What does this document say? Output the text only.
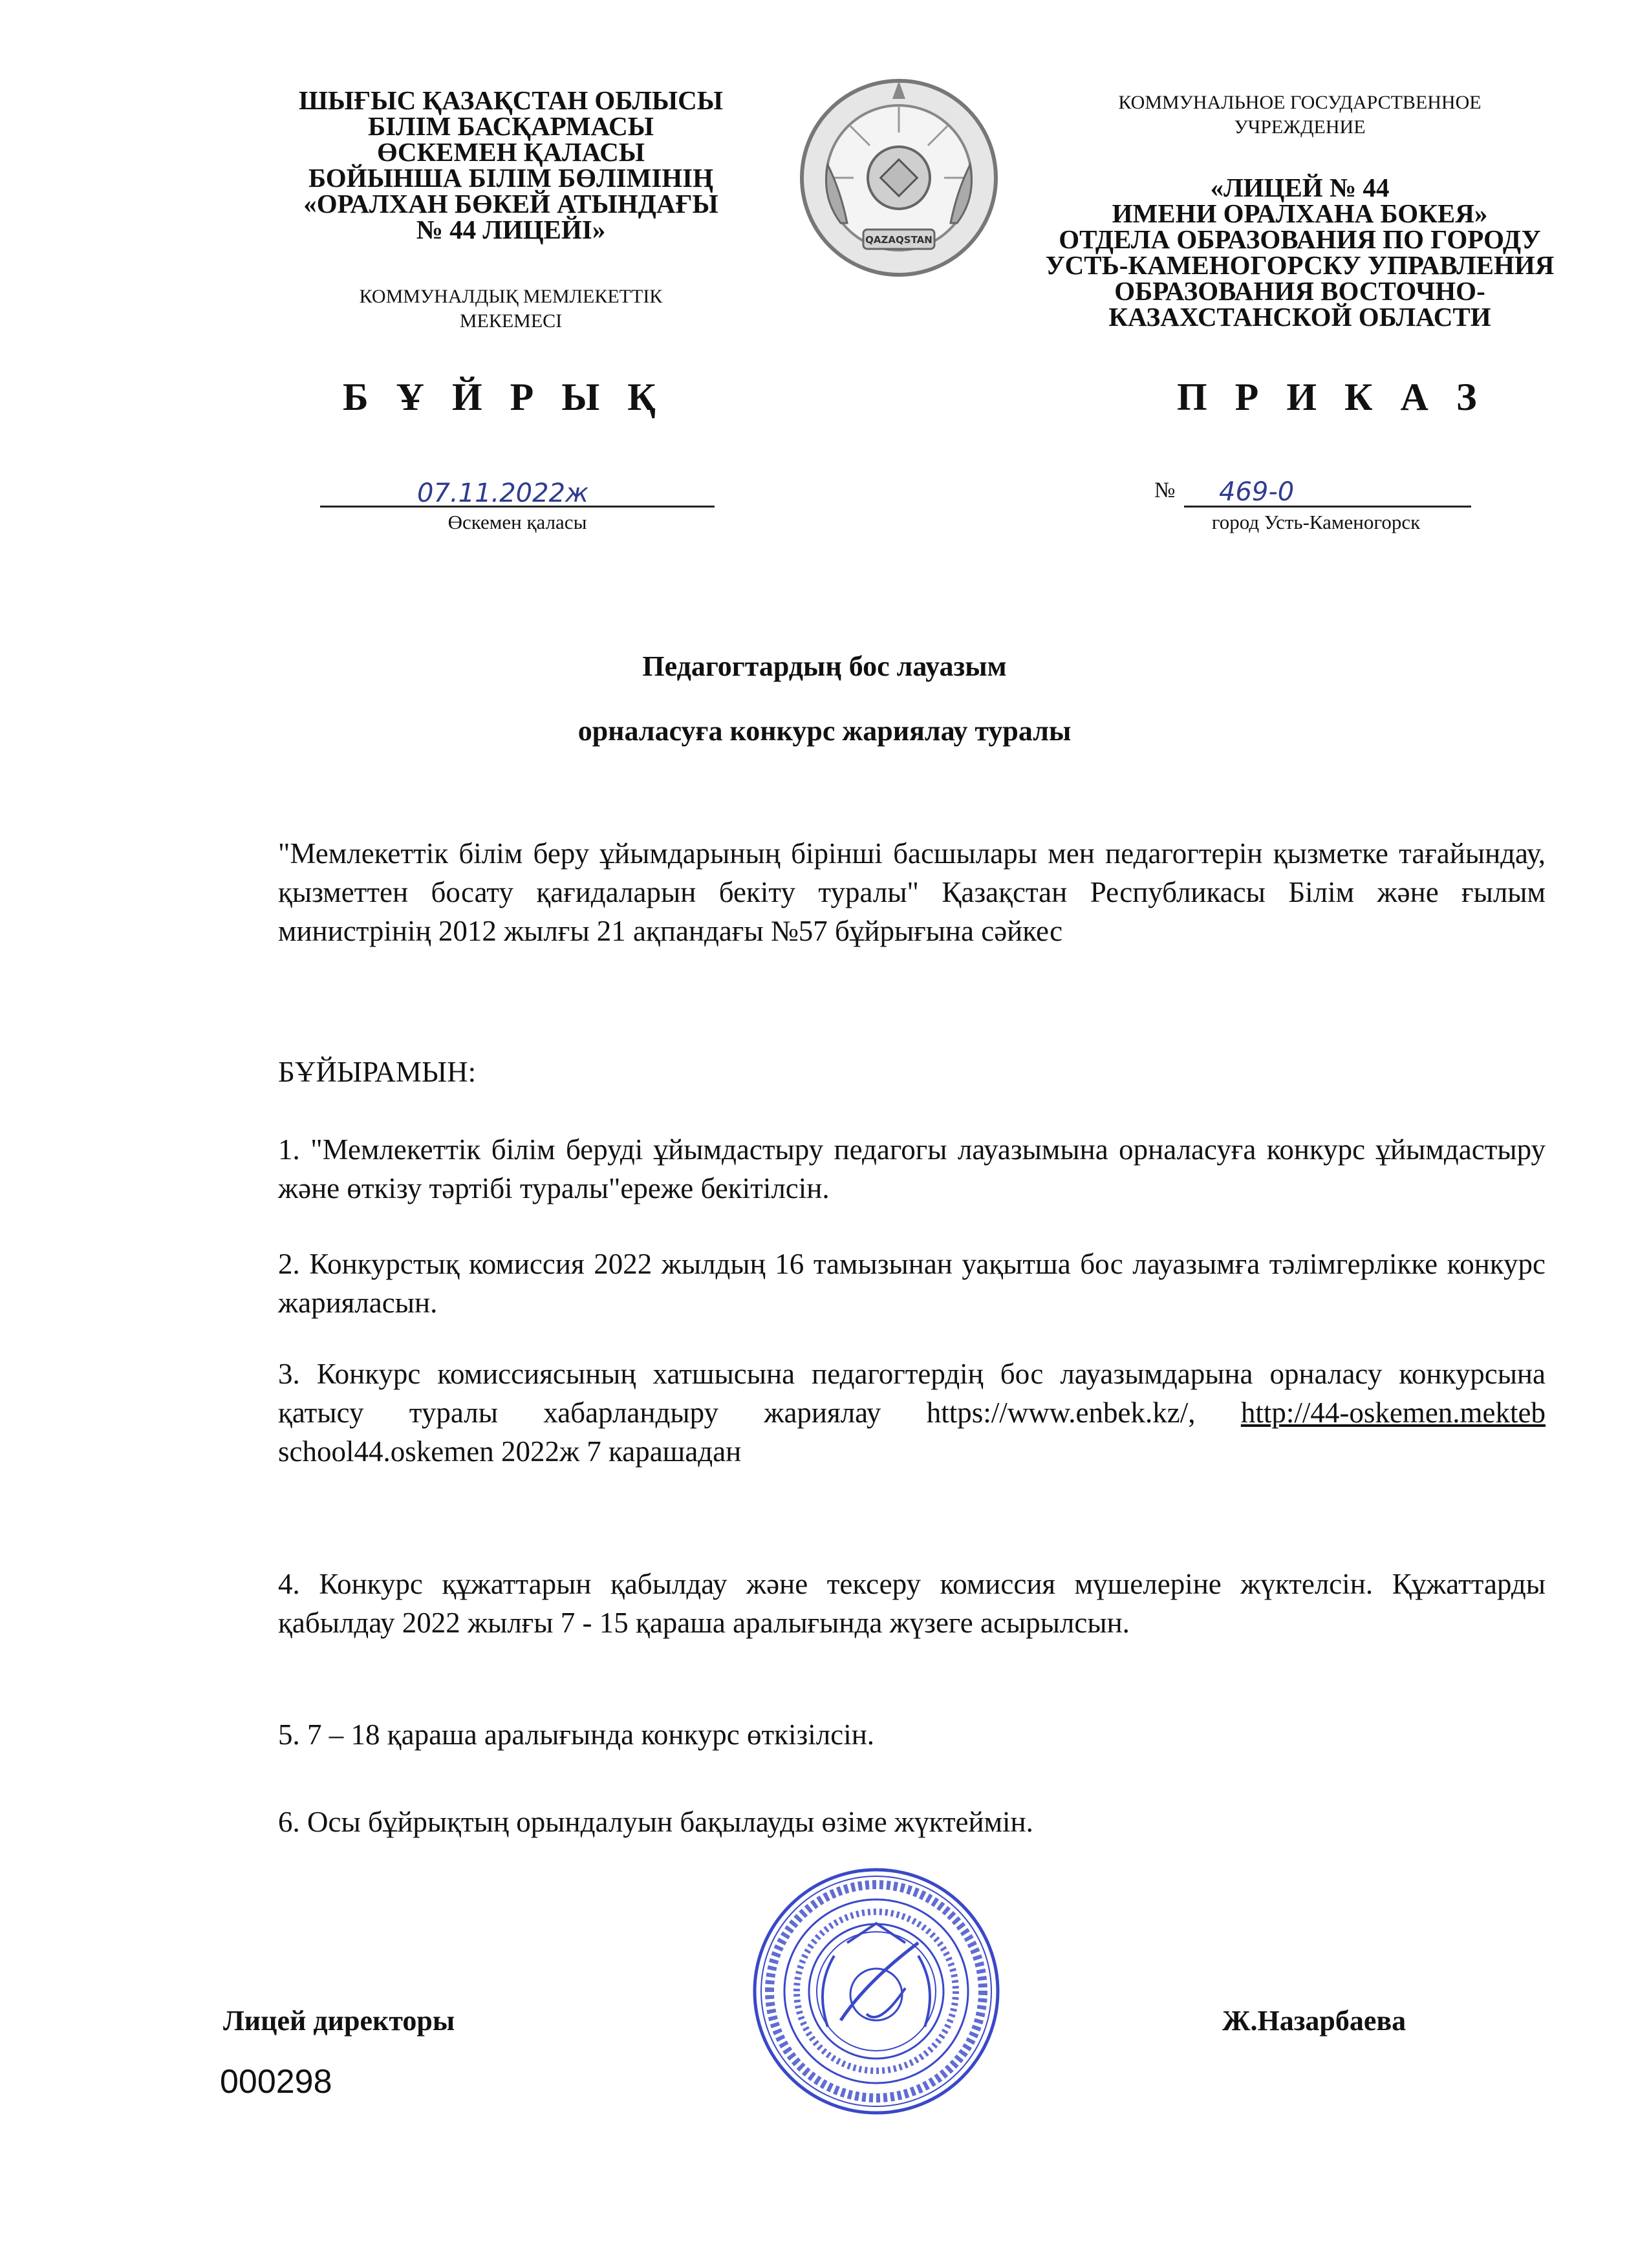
ШЫҒЫС ҚАЗАҚСТАН ОБЛЫСЫ
БІЛІМ БАСҚАРМАСЫ
ӨСКЕМЕН ҚАЛАСЫ
БОЙЫНША БІЛІМ БӨЛІМІНІҢ
«ОРАЛХАН БӨКЕЙ АТЫНДАҒЫ
№ 44 ЛИЦЕЙІ»
КОММУНАЛДЫҚ МЕМЛЕКЕТТІК
МЕКЕМЕСІ
QAZAQSTAN
КОММУНАЛЬНОЕ ГОСУДАРСТВЕННОЕ
УЧРЕЖДЕНИЕ
«ЛИЦЕЙ № 44
ИМЕНИ ОРАЛХАНА БОКЕЯ»
ОТДЕЛА ОБРАЗОВАНИЯ ПО ГОРОДУ
УСТЬ-КАМЕНОГОРСКУ УПРАВЛЕНИЯ
ОБРАЗОВАНИЯ ВОСТОЧНО-
КАЗАХСТАНСКОЙ ОБЛАСТИ
Б Ұ Й Р Ы Қ	П Р И К А З
07.11.2022ж
Өскемен қаласы
№ 469-0
город Усть-Каменогорск
Педагогтардың бос лауазым
орналасуға конкурс жариялау туралы

"Мемлекеттік білім беру ұйымдарының бірінші басшылары мен педагогтерін қызметке тағайындау, қызметтен босату қағидаларын бекіту туралы" Қазақстан Республикасы Білім және ғылым министрінің 2012 жылғы 21 ақпандағы №57 бұйрығына сәйкес

БҰЙЫРАМЫН:
1. "Мемлекеттік білім беруді ұйымдастыру педагогы лауазымына орналасуға конкурс ұйымдастыру және өткізу тәртібі туралы"ереже бекітілсін.
2. Конкурстық комиссия 2022 жылдың 16 тамызынан уақытша бос лауазымға тәлімгерлікке конкурс жарияласын.
3. Конкурс комиссиясының хатшысына педагогтердің бос лауазымдарына орналасу конкурсына қатысу туралы хабарландыру жариялау https://www.enbek.kz/, http://44-oskemen.mekteb school44.oskemen 2022ж 7 карашадан
4. Конкурс құжаттарын қабылдау және тексеру комиссия мүшелеріне жүктелсін. Құжаттарды қабылдау 2022 жылғы 7 - 15 қараша аралығында жүзеге асырылсын.
5. 7 – 18 қараша аралығында конкурс өткізілсін.
6. Осы бұйрықтың орындалуын бақылауды өзіме жүктеймін.
Лицей директоры	Ж.Назарбаева
000298
